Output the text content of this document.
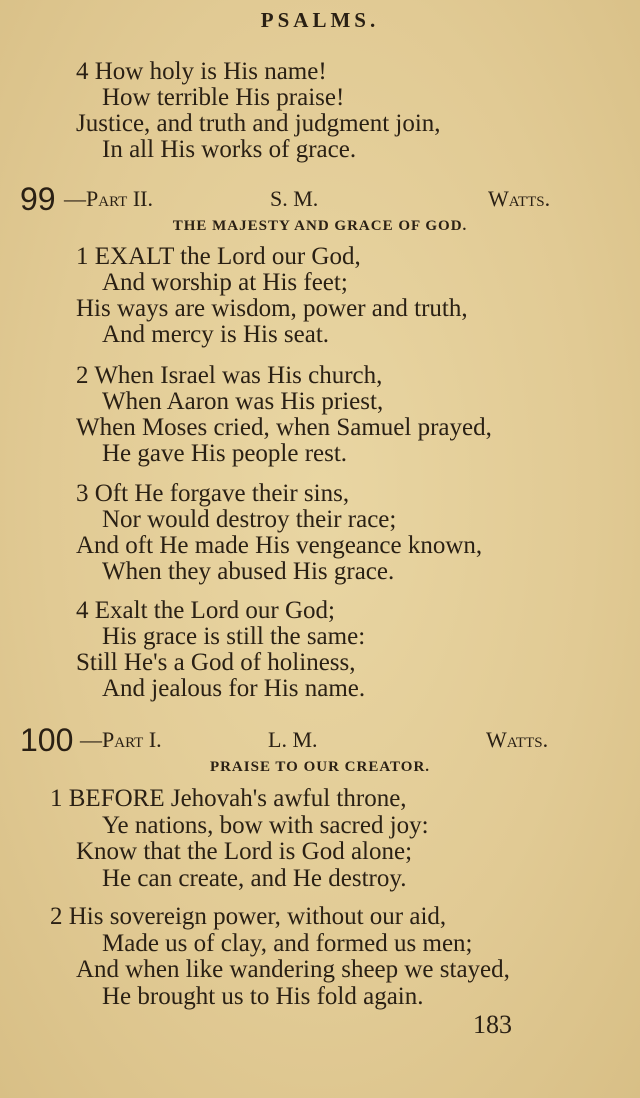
PSALMS.
4 How holy is His name!
How terrible His praise!
Justice, and truth and judgment join,
In all His works of grace.
99 —Part II.	S. M.	Watts.
THE MAJESTY AND GRACE OF GOD.
1 EXALT the Lord our God,
And worship at His feet;
His ways are wisdom, power and truth,
And mercy is His seat.
2 When Israel was His church,
When Aaron was His priest,
When Moses cried, when Samuel prayed,
He gave His people rest.
3 Oft He forgave their sins,
Nor would destroy their race;
And oft He made His vengeance known,
When they abused His grace.
4 Exalt the Lord our God;
His grace is still the same:
Still He's a God of holiness,
And jealous for His name.
100 —Part I.	L. M.	Watts.
PRAISE TO OUR CREATOR.
1 BEFORE Jehovah's awful throne,
Ye nations, bow with sacred joy:
Know that the Lord is God alone;
He can create, and He destroy.
2 His sovereign power, without our aid,
Made us of clay, and formed us men;
And when like wandering sheep we stayed,
He brought us to His fold again.
183
